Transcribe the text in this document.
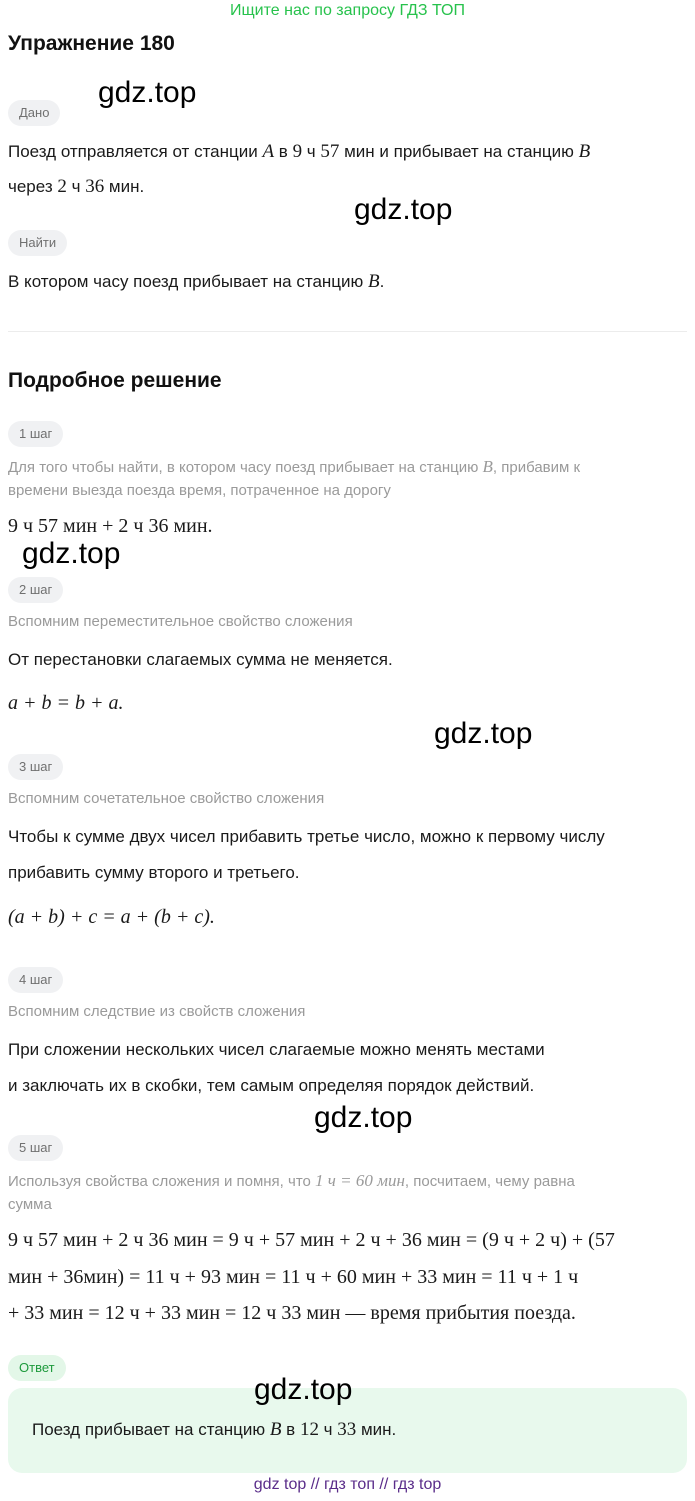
Ищите нас по запросу ГДЗ ТОП
Упражнение 180
gdz.top
Дано
Поезд отправляется от станции A в 9 ч 57 мин и прибывает на станцию B
через 2 ч 36 мин.
gdz.top
Найти
В котором часу поезд прибывает на станцию B.
Подробное решение
1 шаг
Для того чтобы найти, в котором часу поезд прибывает на станцию B, прибавим к
времени выезда поезда время, потраченное на дорогу
9 ч 57 мин + 2 ч 36 мин.
gdz.top
2 шаг
Вспомним переместительное свойство сложения
От перестановки слагаемых сумма не меняется.
a + b = b + a.
gdz.top
3 шаг
Вспомним сочетательное свойство сложения
Чтобы к сумме двух чисел прибавить третье число, можно к первому числу
прибавить сумму второго и третьего.
(a + b) + c = a + (b + c).
4 шаг
Вспомним следствие из свойств сложения
При сложении нескольких чисел слагаемые можно менять местами
и заключать их в скобки, тем самым определяя порядок действий.
gdz.top
5 шаг
Используя свойства сложения и помня, что 1 ч = 60 мин, посчитаем, чему равна
сумма
9 ч 57 мин + 2 ч 36 мин = 9 ч + 57 мин + 2 ч + 36 мин = (9 ч + 2 ч) + (57
мин + 36мин) = 11 ч + 93 мин = 11 ч + 60 мин + 33 мин = 11 ч + 1 ч
+ 33 мин = 12 ч + 33 мин = 12 ч 33 мин — время прибытия поезда.
Ответ
gdz.top
Поезд прибывает на станцию B в 12 ч 33 мин.
gdz top // гдз топ // гдз top
